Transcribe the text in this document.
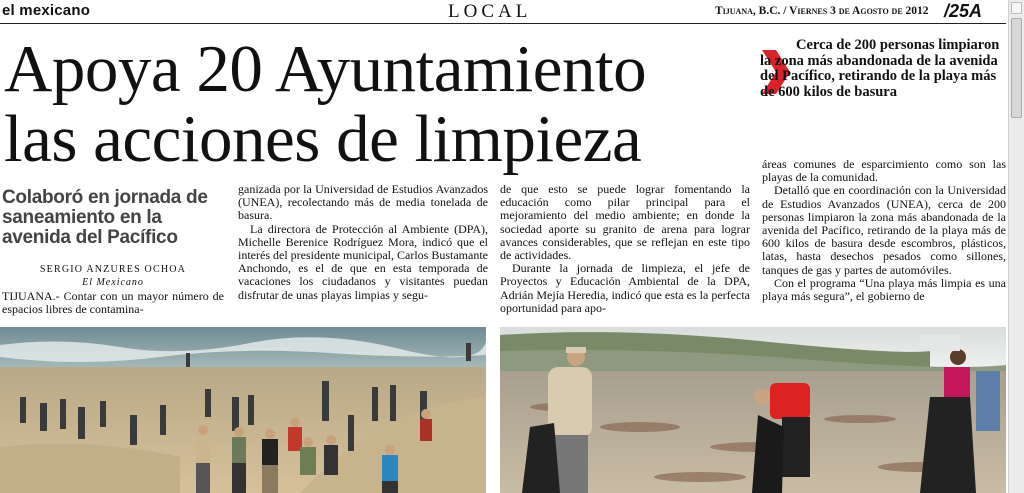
el mexicano	LOCAL	Tijuana, B.C. / Viernes 3 de Agosto de 2012 /25A
Apoya 20 Ayuntamiento
las acciones de limpieza
Cerca de 200 personas limpiaron la zona más abandonada de la avenida del Pacífico, retirando de la playa más de 600 kilos de basura
Colaboró en jornada de saneamiento en la avenida del Pacífico
SERGIO ANZURES OCHOA
El Mexicano

TIJUANA.- Contar con un mayor número de espacios libres de contamina-

ganizada por la Universidad de Estudios Avanzados (UNEA), recolectando más de media tonelada de basura.

La directora de Protección al Ambiente (DPA), Michelle Berenice Rodríguez Mora, indicó que el interés del presidente municipal, Carlos Bustamante Anchondo, es el de que en esta temporada de vacaciones los ciudadanos y visitantes puedan disfrutar de unas playas limpias y segu-

de que esto se puede lograr fomentando la educación como pilar principal para el mejoramiento del medio ambiente; en donde la sociedad aporte su granito de arena para lograr avances considerables, que se reflejan en este tipo de actividades.

Durante la jornada de limpieza, el jefe de Proyectos y Educación Ambiental de la DPA, Adrián Mejía Heredia, indicó que esta es la perfecta oportunidad para apo-

áreas comunes de esparcimiento como son las playas de la comunidad.

Detalló que en coordinación con la Universidad de Estudios Avanzados (UNEA), cerca de 200 personas limpiaron la zona más abandonada de la avenida del Pacífico, retirando de la playa más de 600 kilos de basura desde escombros, plásticos, latas, hasta desechos pesados como sillones, tanques de gas y partes de automóviles.

Con el programa “Una playa más limpia es una playa más segura”, el gobierno de
